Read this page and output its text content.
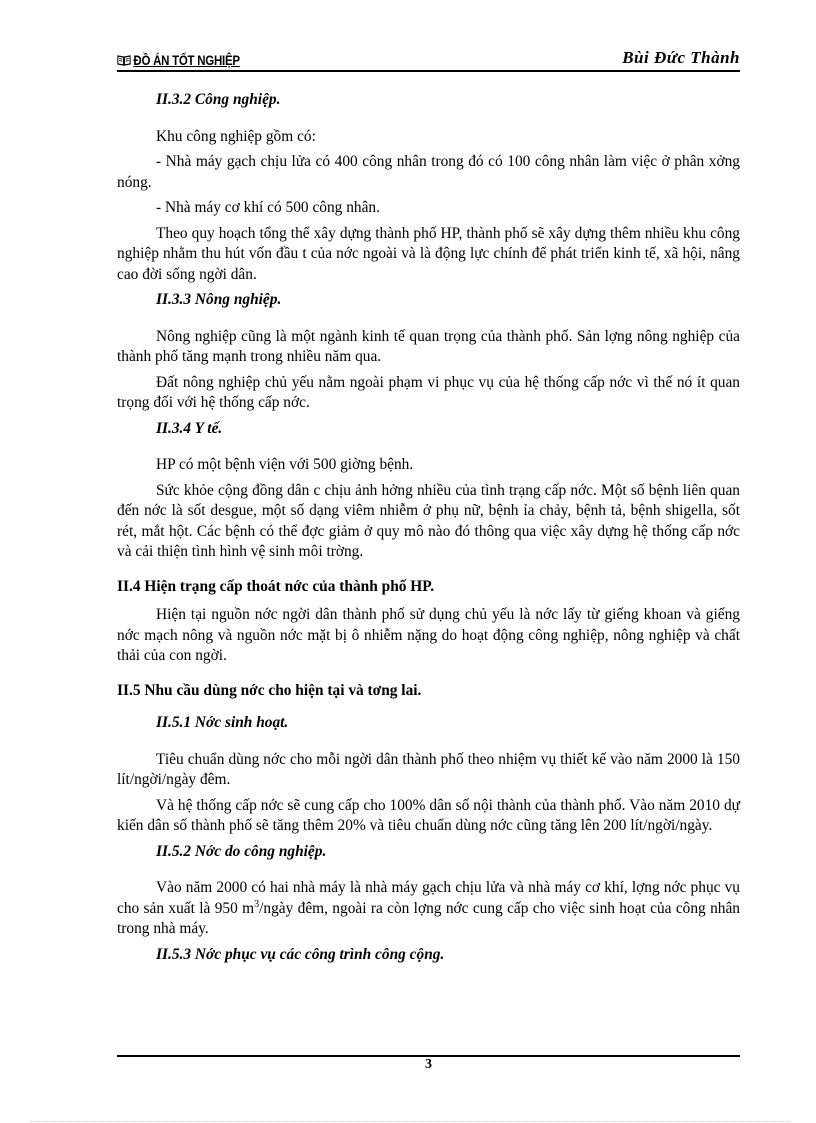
ĐỒ ÁN TỐT NGHIỆP	Bùi Đức Thành

II.3.2 Công nghiệp.

Khu công nghiệp gồm có:

- Nhà máy gạch chịu lửa có 400 công nhân trong đó có 100 công nhân làm việc ở phân xởng nóng.

- Nhà máy cơ khí có 500 công nhân.

Theo quy hoạch tổng thể xây dựng thành phố HP, thành phố sẽ xây dựng thêm nhiều khu công nghiệp nhằm thu hút vốn đầu t của nớc ngoài và là động lực chính để phát triển kinh tế, xã hội, nâng cao đời sống ngời dân.

II.3.3 Nông nghiệp.

Nông nghiệp cũng là một ngành kinh tế quan trọng của thành phố. Sản lợng nông nghiệp của thành phố tăng mạnh trong nhiều năm qua.

Đất nông nghiệp chủ yếu nằm ngoài phạm vi phục vụ của hệ thống cấp nớc vì thế nó ít quan trọng đối với hệ thống cấp nớc.

II.3.4 Y tế.

HP có một bệnh viện với 500 giờng bệnh.

Sức khỏe cộng đồng dân c chịu ảnh hởng nhiều của tình trạng cấp nớc. Một số bệnh liên quan đến nớc là sốt desgue, một số dạng viêm nhiễm ở phụ nữ, bệnh ỉa chảy, bệnh tả, bệnh shigella, sốt rét, mắt hột. Các bệnh có thể đợc giảm ở quy mô nào đó thông qua việc xây dựng hệ thống cấp nớc và cải thiện tình hình vệ sinh môi trờng.

II.4 Hiện trạng cấp thoát nớc của thành phố HP.

Hiện tại nguồn nớc ngời dân thành phố sử dụng chủ yếu là nớc lấy từ giếng khoan và giếng nớc mạch nông và nguồn nớc mặt bị ô nhiễm nặng do hoạt động công nghiệp, nông nghiệp và chất thải của con ngời.

II.5 Nhu cầu dùng nớc cho hiện tại và tơng lai.

II.5.1 Nớc sinh hoạt.

Tiêu chuẩn dùng nớc cho mỗi ngời dân thành phố theo nhiệm vụ thiết kế vào năm 2000 là 150 lít/ngời/ngày đêm.

Và hệ thống cấp nớc sẽ cung cấp cho 100% dân số nội thành của thành phố. Vào năm 2010 dự kiến dân số thành phố sẽ tăng thêm 20% và tiêu chuẩn dùng nớc cũng tăng lên 200 lít/ngời/ngày.

II.5.2 Nớc do công nghiệp.

Vào năm 2000 có hai nhà máy là nhà máy gạch chịu lửa và nhà máy cơ khí, lợng nớc phục vụ cho sản xuất là 950 $m^3$/ngày đêm, ngoài ra còn lợng nớc cung cấp cho việc sinh hoạt của công nhân trong nhà máy.

II.5.3 Nớc phục vụ các công trình công cộng.

3
